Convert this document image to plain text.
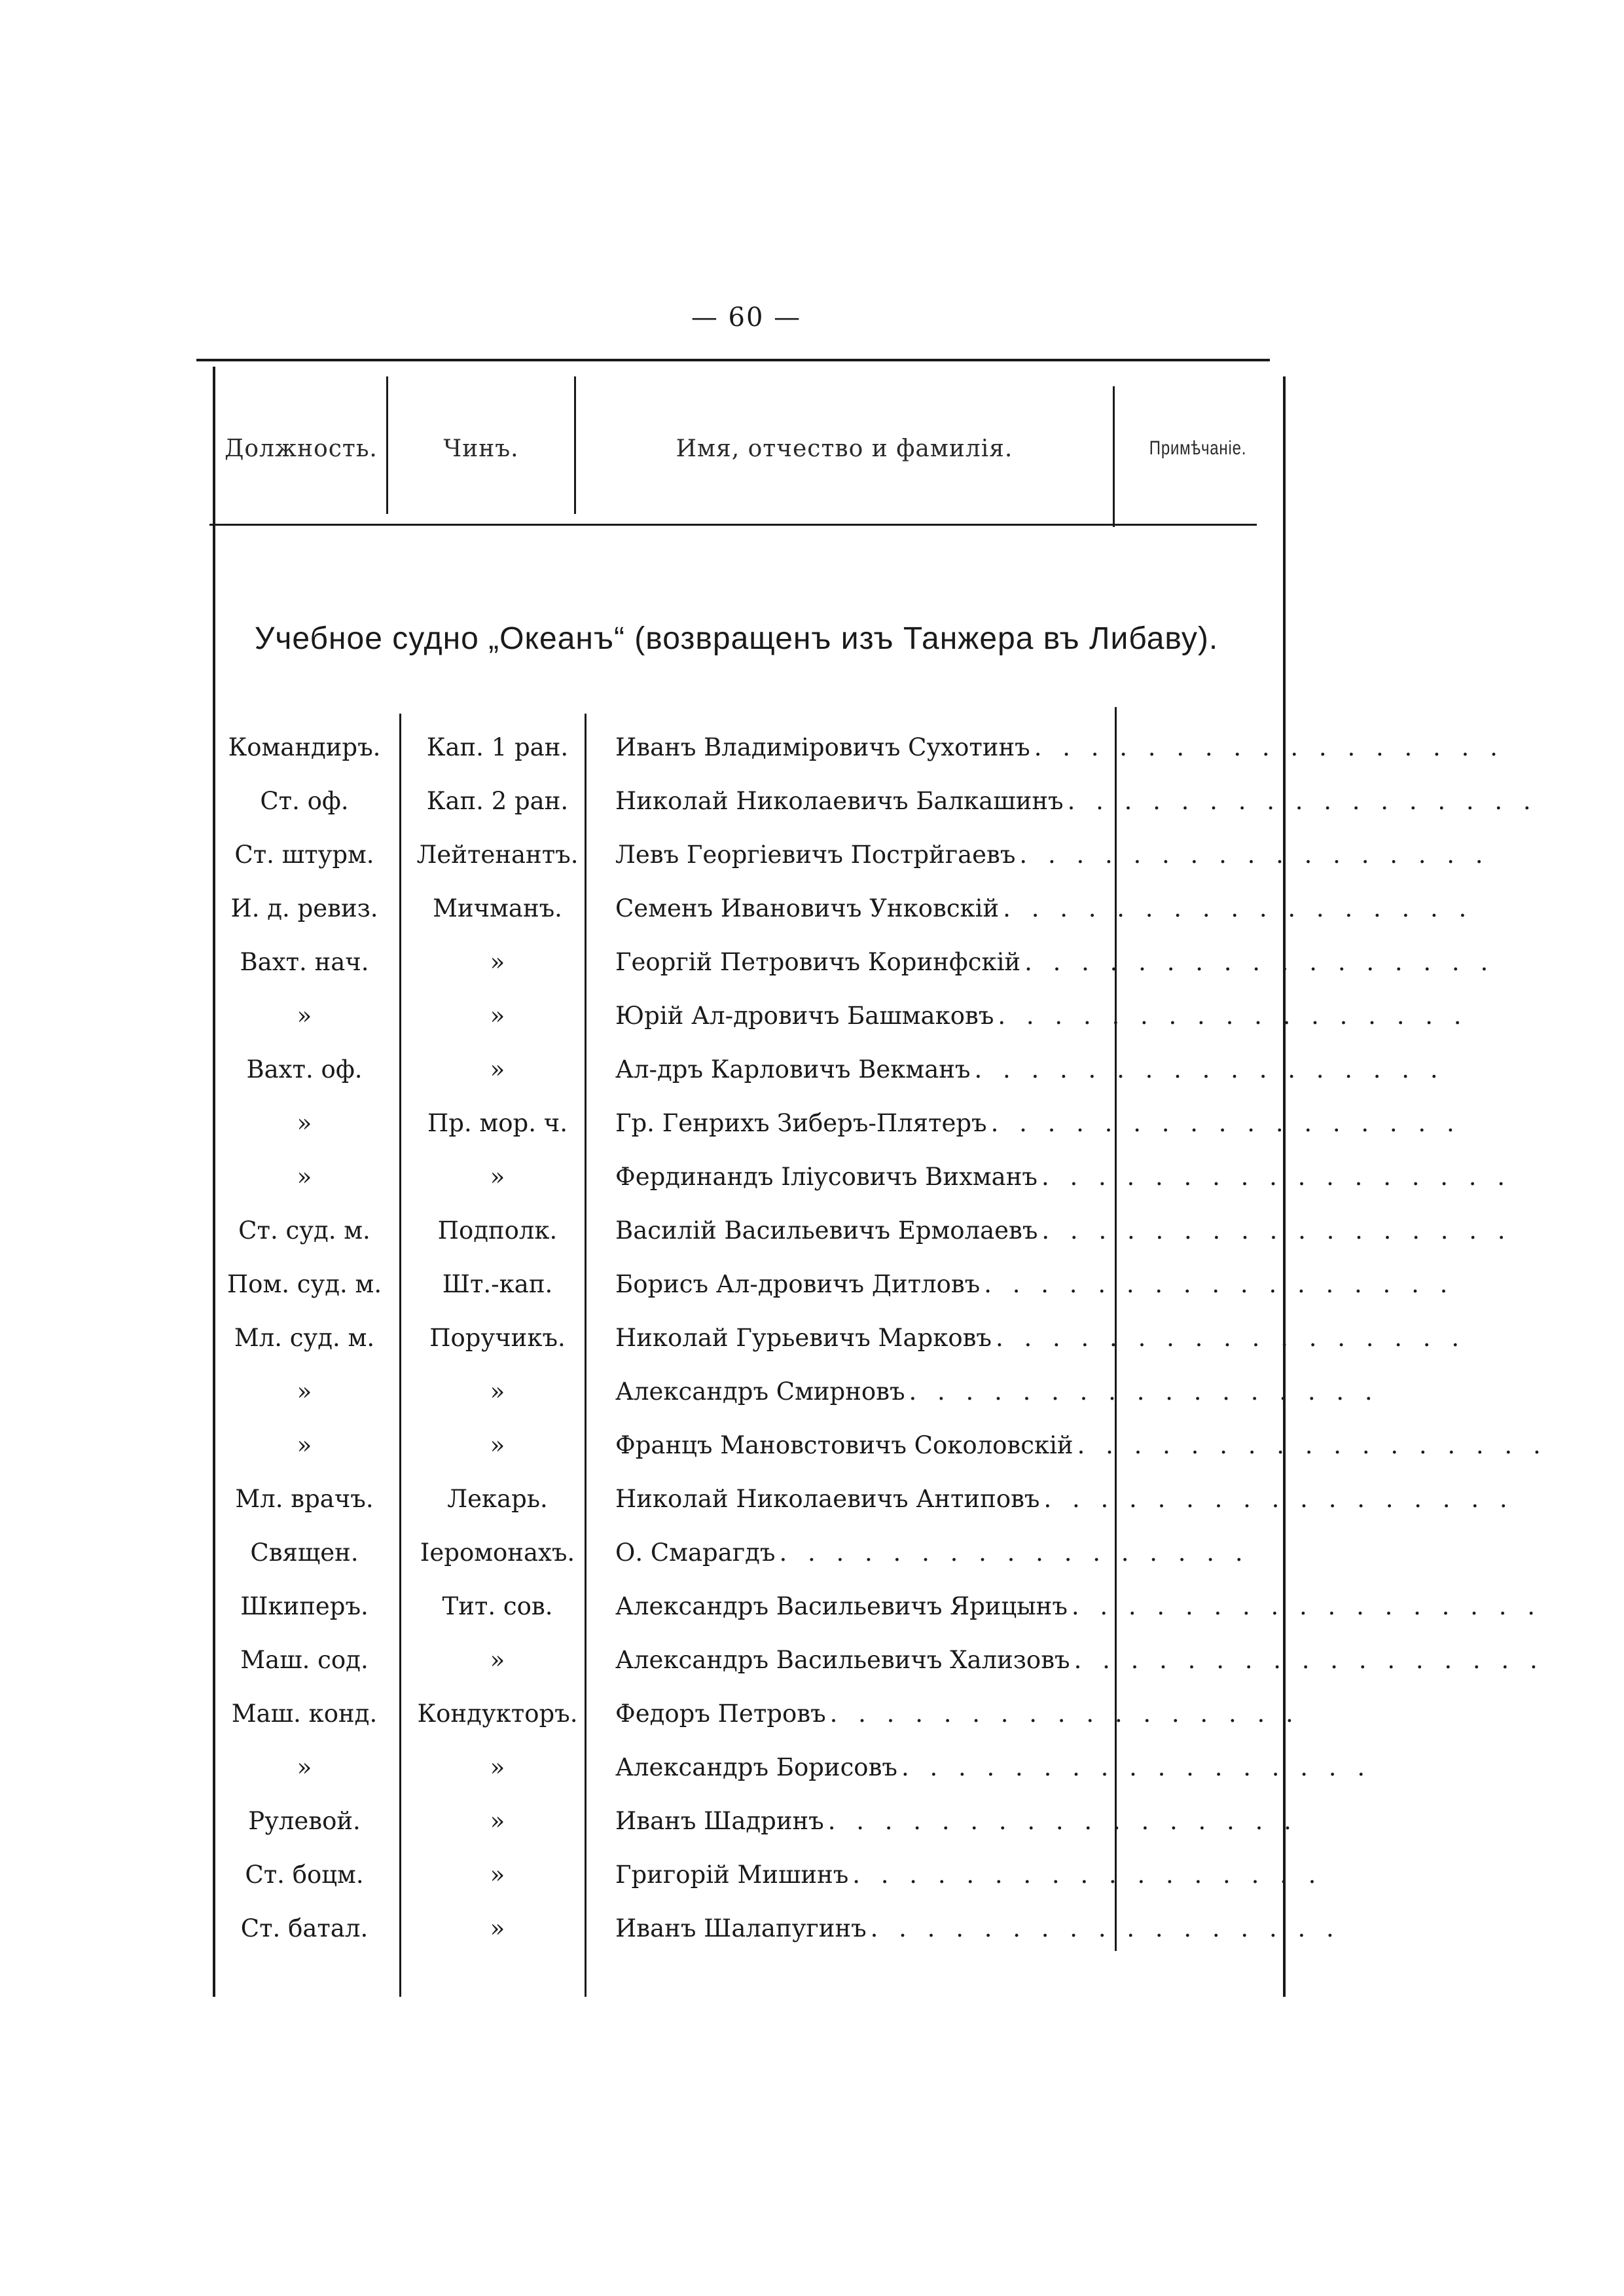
— 60 —
Должность.	Чинъ.	Имя, отчество и фамилія.	Примѣчаніе.
Учебное судно „Океанъ“ (возвращенъ изъ Танжера въ Либаву).
Командиръ.	Кап. 1 ран.	Иванъ Владиміровичъ Сухотинъ . . . . . . . . . . . . . . . . .
Ст. оф.	Кап. 2 ран.	Николай Николаевичъ Балкашинъ . . . . . . . . . . . . . . . . .
Ст. штурм.	Лейтенантъ.	Левъ Георгіевичъ Пострйгаевъ . . . . . . . . . . . . . . . . .
И. д. ревиз.	Мичманъ.	Семенъ Ивановичъ Унковскій . . . . . . . . . . . . . . . . .
Вахт. нач.	»	Георгій Петровичъ Коринфскій . . . . . . . . . . . . . . . . .
»	»	Юрій Ал-дровичъ Башмаковъ . . . . . . . . . . . . . . . . .
Вахт. оф.	»	Ал-дръ Карловичъ Векманъ . . . . . . . . . . . . . . . . .
»	Пр. мор. ч.	Гр. Генрихъ Зиберъ-Плятеръ . . . . . . . . . . . . . . . . .
»	»	Фердинандъ Іліусовичъ Вихманъ . . . . . . . . . . . . . . . . .
Ст. суд. м.	Подполк.	Василій Васильевичъ Ермолаевъ . . . . . . . . . . . . . . . . .
Пом. суд. м.	Шт.-кап.	Борисъ Ал-дровичъ Дитловъ . . . . . . . . . . . . . . . . .
Мл. суд. м.	Поручикъ.	Николай Гурьевичъ Марковъ . . . . . . . . . . . . . . . . .
»	»	Александръ Смирновъ . . . . . . . . . . . . . . . . .
»	»	Францъ Мановстовичъ Соколовскій . . . . . . . . . . . . . . . . .
Мл. врачъ.	Лекарь.	Николай Николаевичъ Антиповъ . . . . . . . . . . . . . . . . .
Священ.	Іеромонахъ.	О. Смарагдъ . . . . . . . . . . . . . . . . .
Шкиперъ.	Тит. сов.	Александръ Васильевичъ Ярицынъ . . . . . . . . . . . . . . . . .
Маш. сод.	»	Александръ Васильевичъ Хализовъ . . . . . . . . . . . . . . . . .
Маш. конд.	Кондукторъ.	Федоръ Петровъ . . . . . . . . . . . . . . . . .
»	»	Александръ Борисовъ . . . . . . . . . . . . . . . . .
Рулевой.	»	Иванъ Шадринъ . . . . . . . . . . . . . . . . .
Ст. боцм.	»	Григорій Мишинъ . . . . . . . . . . . . . . . . .
Ст. батал.	»	Иванъ Шалапугинъ . . . . . . . . . . . . . . . . .
